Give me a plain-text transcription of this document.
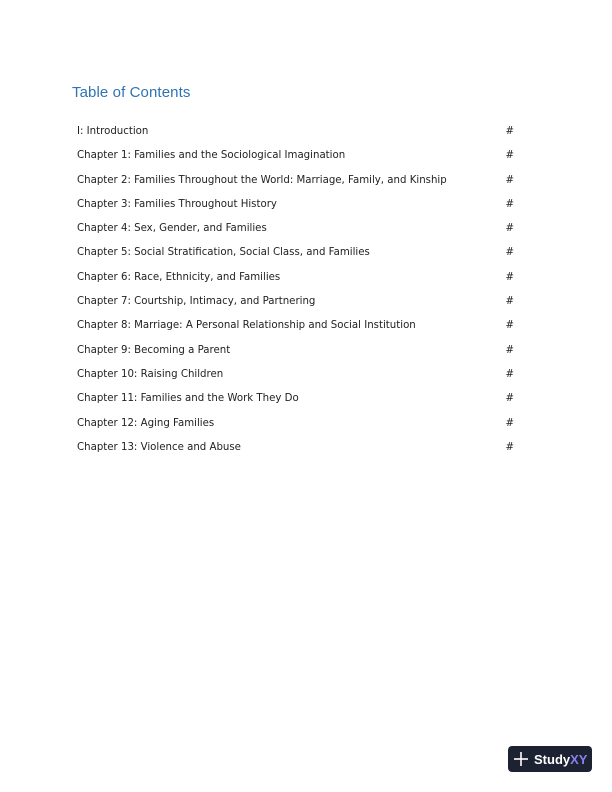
Table of Contents
I: Introduction	#
Chapter 1: Families and the Sociological Imagination	#
Chapter 2: Families Throughout the World: Marriage, Family, and Kinship	#
Chapter 3: Families Throughout History	#
Chapter 4: Sex, Gender, and Families	#
Chapter 5: Social Stratification, Social Class, and Families	#
Chapter 6: Race, Ethnicity, and Families	#
Chapter 7: Courtship, Intimacy, and Partnering	#
Chapter 8: Marriage: A Personal Relationship and Social Institution	#
Chapter 9: Becoming a Parent	#
Chapter 10: Raising Children	#
Chapter 11: Families and the Work They Do	#
Chapter 12: Aging Families	#
Chapter 13: Violence and Abuse	#
Study XY
